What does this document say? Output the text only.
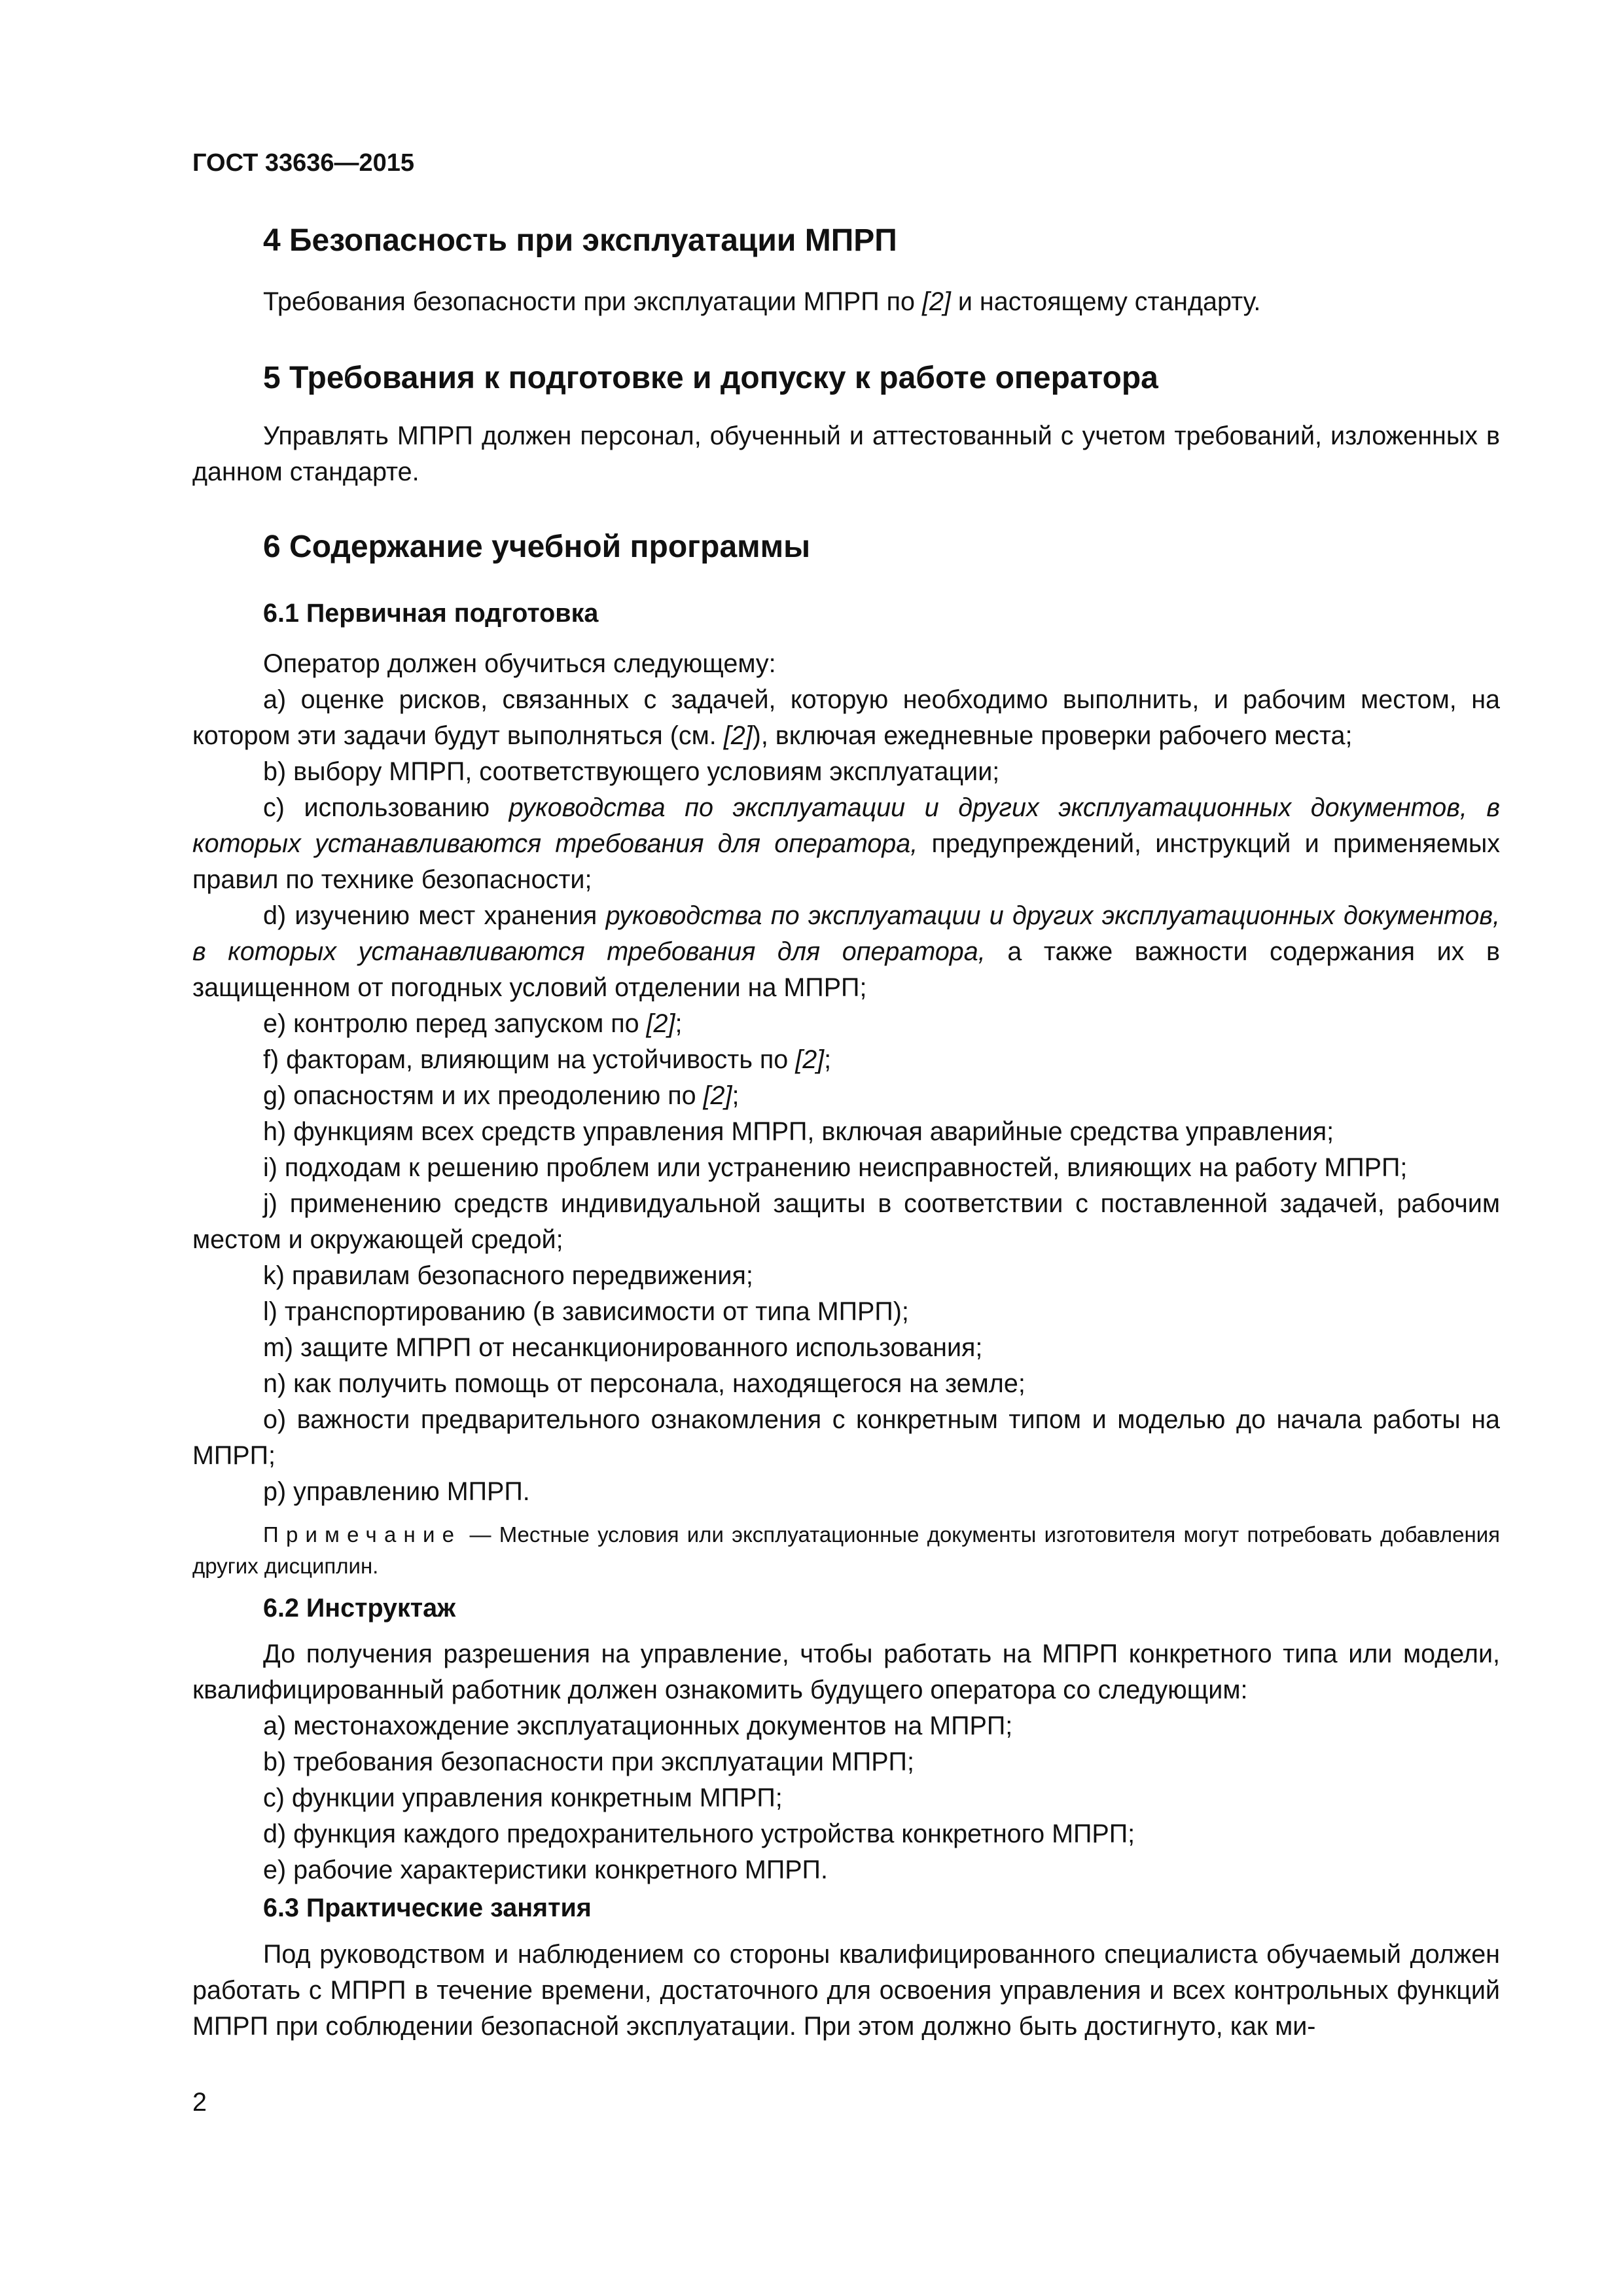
ГОСТ 33636—2015
4 Безопасность при эксплуатации МПРП

Требования безопасности при эксплуатации МПРП по [2] и настоящему стандарту.

5 Требования к подготовке и допуску к работе оператора

Управлять МПРП должен персонал, обученный и аттестованный с учетом требований, изложенных в данном стандарте.

6 Содержание учебной программы
6.1 Первичная подготовка

Оператор должен обучиться следующему:

а) оценке рисков, связанных с задачей, которую необходимо выполнить, и рабочим местом, на котором эти задачи будут выполняться (см. [2]), включая ежедневные проверки рабочего места;

b) выбору МПРП, соответствующего условиям эксплуатации;

с) использованию руководства по эксплуатации и других эксплуатационных документов, в которых устанавливаются требования для оператора, предупреждений, инструкций и применяемых правил по технике безопасности;

d) изучению мест хранения руководства по эксплуатации и других эксплуатационных документов, в которых устанавливаются требования для оператора, а также важности содержания их в защищенном от погодных условий отделении на МПРП;

е) контролю перед запуском по [2];

f) факторам, влияющим на устойчивость по [2];

g) опасностям и их преодолению по [2];

h) функциям всех средств управления МПРП, включая аварийные средства управления;

i) подходам к решению проблем или устранению неисправностей, влияющих на работу МПРП;

j) применению средств индивидуальной защиты в соответствии с поставленной задачей, рабочим местом и окружающей средой;

k) правилам безопасного передвижения;

l) транспортированию (в зависимости от типа МПРП);

m) защите МПРП от несанкционированного использования;

n) как получить помощь от персонала, находящегося на земле;

о) важности предварительного ознакомления с конкретным типом и моделью до начала работы на МПРП;

р) управлению МПРП.

Примечание — Местные условия или эксплуатационные документы изготовителя могут потребовать добавления других дисциплин.

6.2 Инструктаж

До получения разрешения на управление, чтобы работать на МПРП конкретного типа или модели, квалифицированный работник должен ознакомить будущего оператора со следующим:

а) местонахождение эксплуатационных документов на МПРП;

b) требования безопасности при эксплуатации МПРП;

с) функции управления конкретным МПРП;

d) функция каждого предохранительного устройства конкретного МПРП;

е) рабочие характеристики конкретного МПРП.

6.3 Практические занятия

Под руководством и наблюдением со стороны квалифицированного специалиста обучаемый должен работать с МПРП в течение времени, достаточного для освоения управления и всех контрольных функций МПРП при соблюдении безопасной эксплуатации. При этом должно быть достигнуто, как ми-

2
